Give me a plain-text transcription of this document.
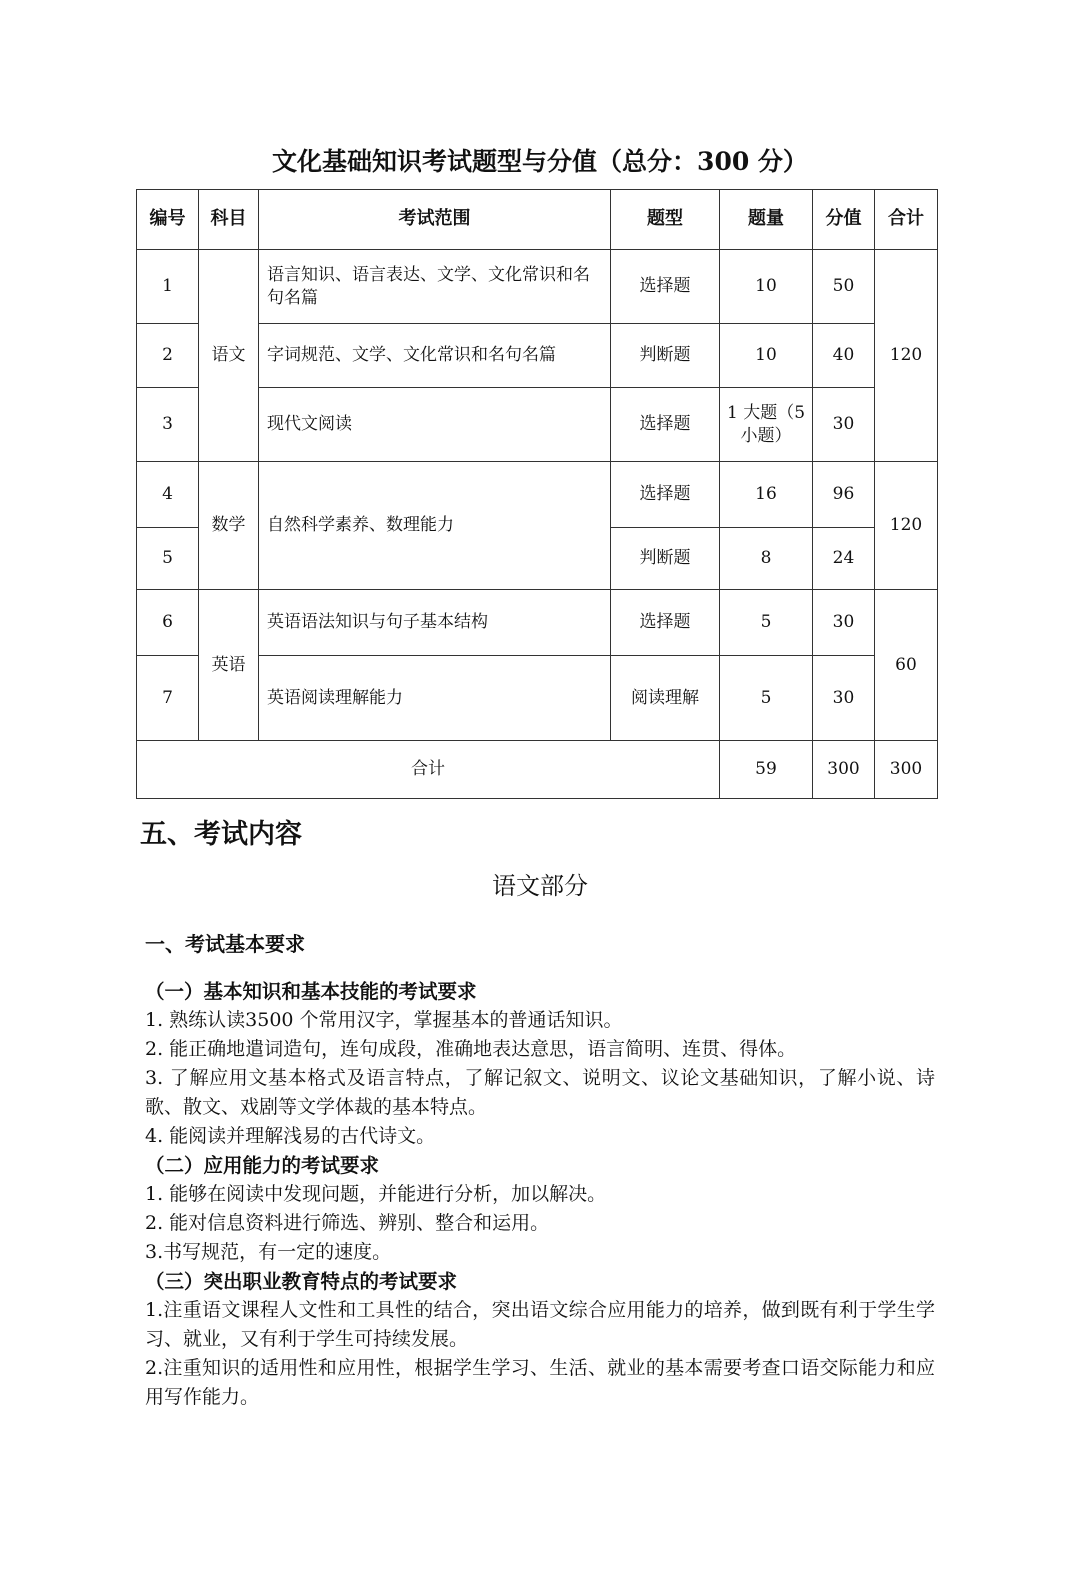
文化基础知识考试题型与分值（总分：300 分）
编号	科目	考试范围	题型	题量	分值	合计
1	语文	语言知识、语言表达、文学、文化常识和名句名篇	选择题	10	50	120
2		字词规范、文学、文化常识和名句名篇	判断题	10	40	
3		现代文阅读	选择题	1 大题（5 小题）	30	
4	数学	自然科学素养、数理能力	选择题	16	96	120
5			判断题	8	24	
6	英语	英语语法知识与句子基本结构	选择题	5	30	60
7		英语阅读理解能力	阅读理解	5	30	
合计				59	300	300
五、考试内容
语文部分
一、考试基本要求
（一）基本知识和基本技能的考试要求
1. 熟练认读3500 个常用汉字，掌握基本的普通话知识。
2. 能正确地遣词造句，连句成段，准确地表达意思，语言简明、连贯、得体。
3. 了解应用文基本格式及语言特点，了解记叙文、说明文、议论文基础知识，了解小说、诗歌、散文、戏剧等文学体裁的基本特点。
4. 能阅读并理解浅易的古代诗文。
（二）应用能力的考试要求
1. 能够在阅读中发现问题，并能进行分析，加以解决。
2. 能对信息资料进行筛选、辨别、整合和运用。
3.书写规范，有一定的速度。
（三）突出职业教育特点的考试要求
1.注重语文课程人文性和工具性的结合，突出语文综合应用能力的培养，做到既有利于学生学习、就业，又有利于学生可持续发展。
2.注重知识的适用性和应用性，根据学生学习、生活、就业的基本需要考查口语交际能力和应用写作能力。
